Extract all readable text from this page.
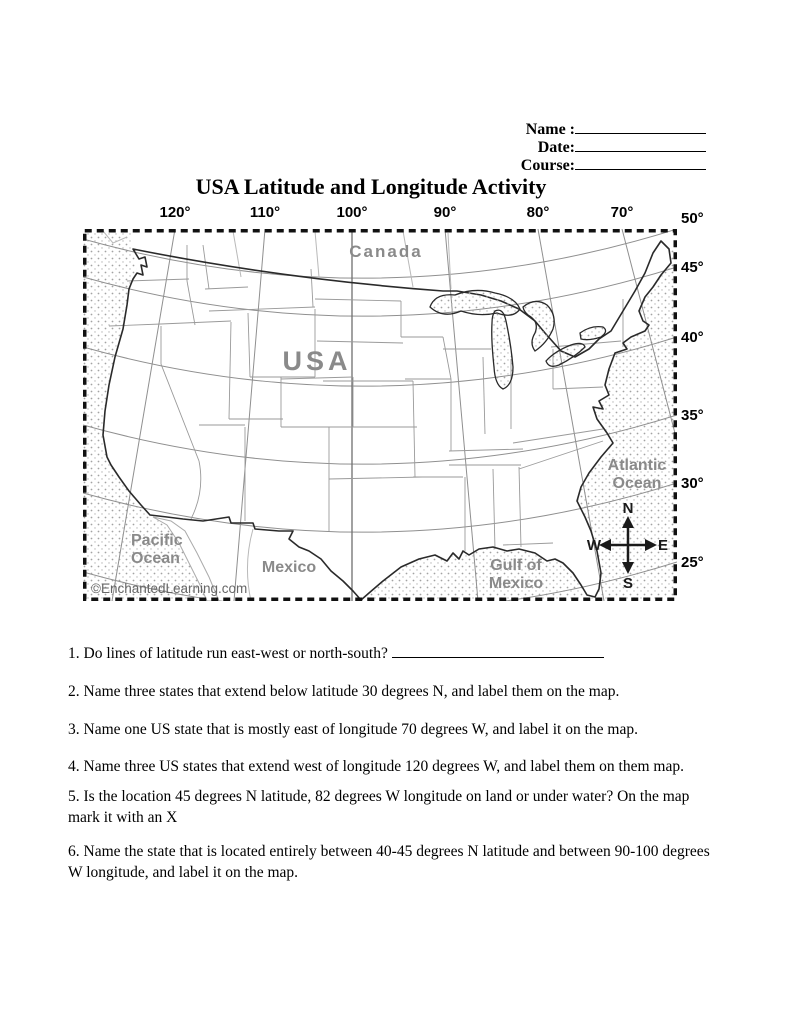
Name :
Date:
Course:
USA Latitude and Longitude Activity
120°	110°	100°	90°	80°	70°	50°
45°
40°
35°
30°
25°
Canada
USA
Atlantic
Ocean
Pacific
Ocean
Mexico	Gulf of
Mexico
N
S
W	E
©EnchantedLearning.com

1. Do lines of latitude run east-west or north-south?

2. Name three states that extend below latitude 30 degrees N, and label them on the map.

3. Name one US state that is mostly east of longitude 70 degrees W, and label it on the map.

4. Name three US states that extend west of longitude 120 degrees W, and label them on them map.

5. Is the location 45 degrees N latitude, 82 degrees W longitude on land or under water? On the map mark it with an X

6. Name the state that is located entirely between 40-45 degrees N latitude and between 90-100 degrees W longitude, and label it on the map.
